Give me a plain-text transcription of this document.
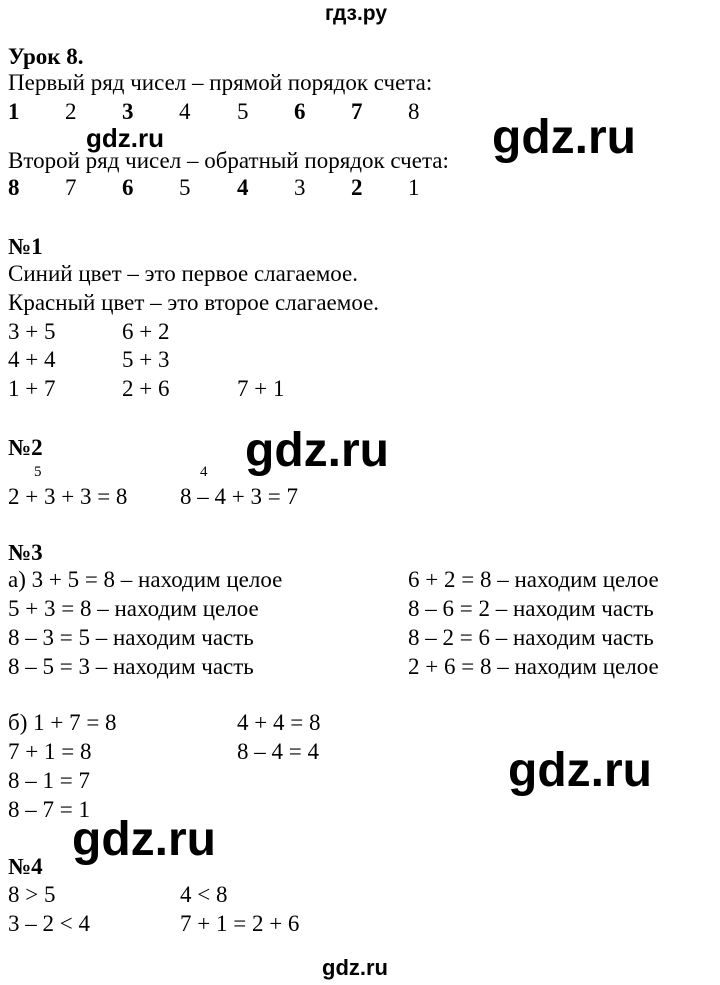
гдз.ру
Урок 8.
Первый ряд чисел – прямой порядок счета:
1 2 3 4 5 6 7 8
gdz.ru	gdz.ru
Второй ряд чисел – обратный порядок счета:
8 7 6 5 4 3 2 1
№1
Синий цвет – это первое слагаемое.
Красный цвет – это второе слагаемое.
3 + 5	6 + 2
4 + 4	5 + 3
1 + 7	2 + 6	7 + 1
№2	gdz.ru
5	4
2 + 3 + 3 = 8 8 – 4 + 3 = 7
№3
а) 3 + 5 = 8 – находим целое	6 + 2 = 8 – находим целое
5 + 3 = 8 – находим целое	8 – 6 = 2 – находим часть
8 – 3 = 5 – находим часть	8 – 2 = 6 – находим часть
8 – 5 = 3 – находим часть	2 + 6 = 8 – находим целое
б) 1 + 7 = 8	4 + 4 = 8
7 + 1 = 8	8 – 4 = 4
8 – 1 = 7
8 – 7 = 1
gdz.ru
gdz.ru
№4
8 > 5	4 < 8
3 – 2 < 4	7 + 1 = 2 + 6
gdz.ru
